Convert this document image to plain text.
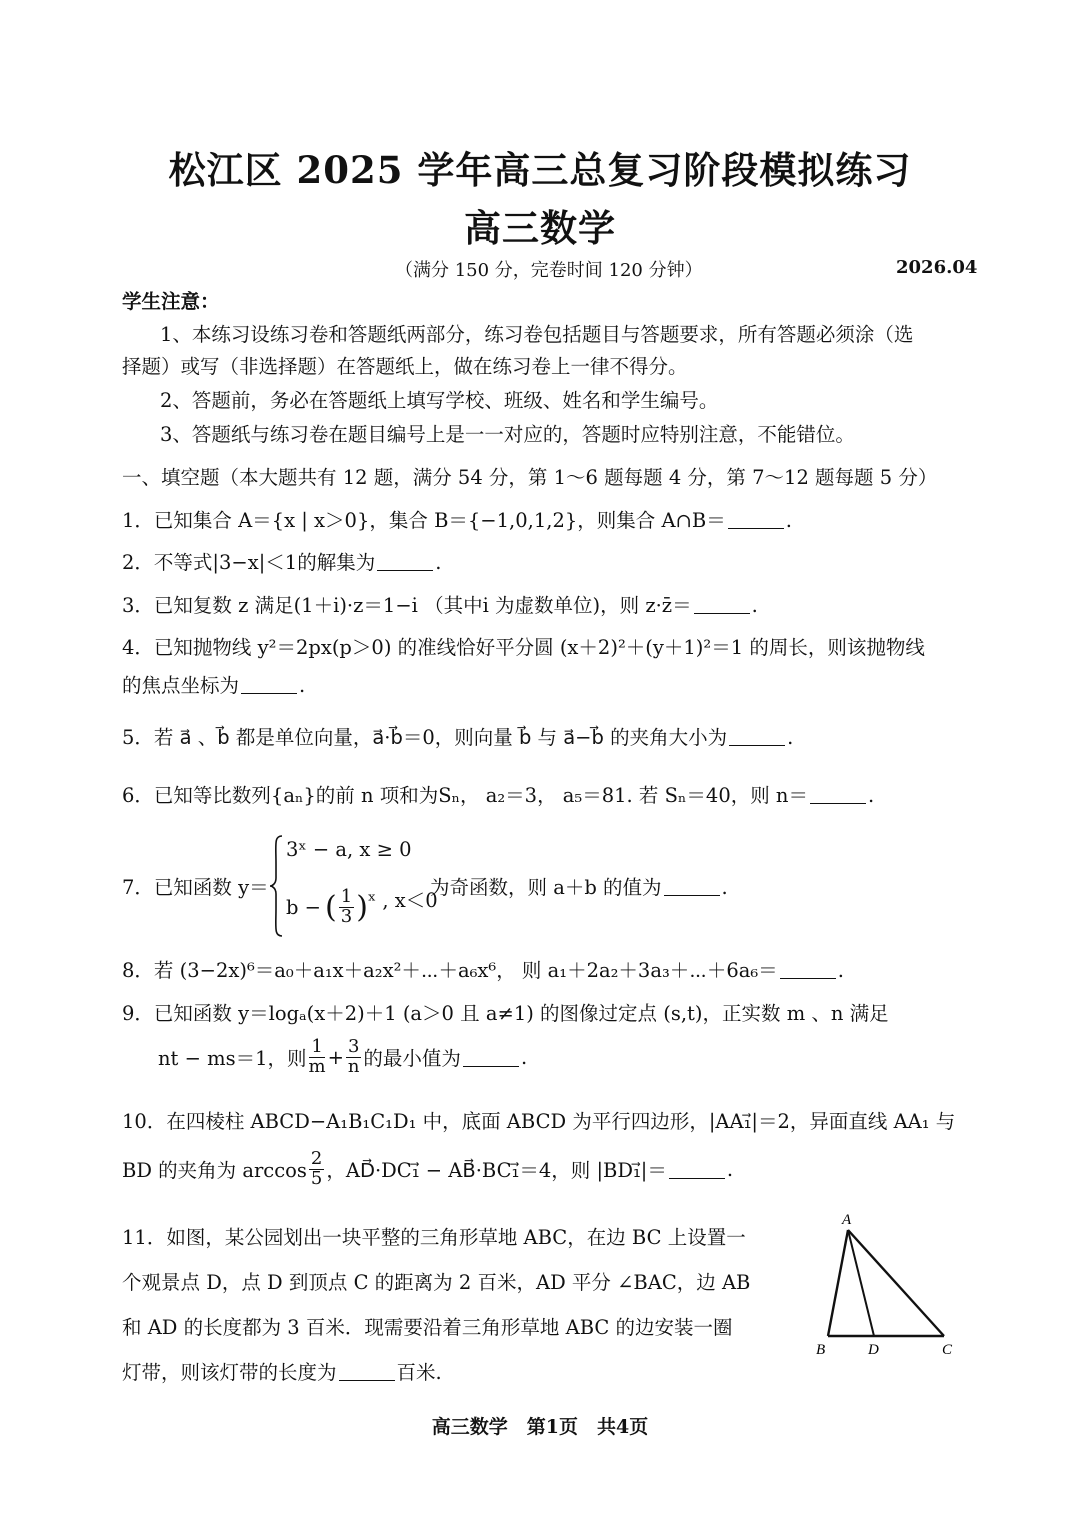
松江区 2025 学年高三总复习阶段模拟练习
高三数学
（满分 150 分，完卷时间 120 分钟）	2026.04
学生注意：
1、本练习设练习卷和答题纸两部分，练习卷包括题目与答题要求，所有答题必须涂（选
择题）或写（非选择题）在答题纸上，做在练习卷上一律不得分。
2、答题前，务必在答题纸上填写学校、班级、姓名和学生编号。
3、答题纸与练习卷在题目编号上是一一对应的，答题时应特别注意，不能错位。
一、填空题（本大题共有 12 题，满分 54 分，第 1～6 题每题 4 分，第 7～12 题每题 5 分）
1．已知集合 A＝{x | x＞0}，集合 B＝{−1,0,1,2}，则集合 A∩B＝	.
2．不等式|3−x|＜1的解集为	.
3．已知复数 z 满足(1＋i)·z＝1−i （其中i 为虚数单位)，则 z·z̄＝	.
4．已知抛物线 y²＝2px(p＞0) 的准线恰好平分圆 (x＋2)²＋(y＋1)²＝1 的周长，则该抛物线
的焦点坐标为	.
5．若 a⃗ 、b⃗ 都是单位向量，a⃗·b⃗＝0，则向量 b⃗ 与 a⃗−b⃗ 的夹角大小为	.
6．已知等比数列{aₙ}的前 n 项和为Sₙ， a₂＝3， a₅＝81. 若 Sₙ＝40，则 n＝	.
7．已知函数 y＝
3ˣ − a, x ≥ 0
b − ( $\frac{1}{3}$ ) ˣ , x＜0
为奇函数，则 a＋b 的值为	.
8．若 (3−2x)⁶＝a₀＋a₁x＋a₂x²＋⋯＋a₆x⁶， 则 a₁＋2a₂＋3a₃＋⋯＋6a₆＝	.
9．已知函数 y＝logₐ(x＋2)＋1 (a＞0 且 a≠1) 的图像过定点 (s,t)，正实数 m 、n 满足
nt − ms＝1，则 $\frac{1}{m} + \frac{3}{n}$ 的最小值为	.
10．在四棱柱 ABCD−A₁B₁C₁D₁ 中，底面 ABCD 为平行四边形，|AA₁⃗|＝2，异面直线 AA₁ 与
BD 的夹角为 $\arccos \frac{2}{5}$ ，AD⃗·DC₁⃗ − AB⃗·BC₁⃗＝4，则 |BD₁⃗|＝	.
11．如图，某公园划出一块平整的三角形草地 ABC，在边 BC 上设置一
个观景点 D，点 D 到顶点 C 的距离为 2 百米，AD 平分 ∠BAC，边 AB
和 AD 的长度都为 3 百米．现需要沿着三角形草地 ABC 的边安装一圈
灯带，则该灯带的长度为	百米.
A
B	D	C
高三数学　第1页　共4页
